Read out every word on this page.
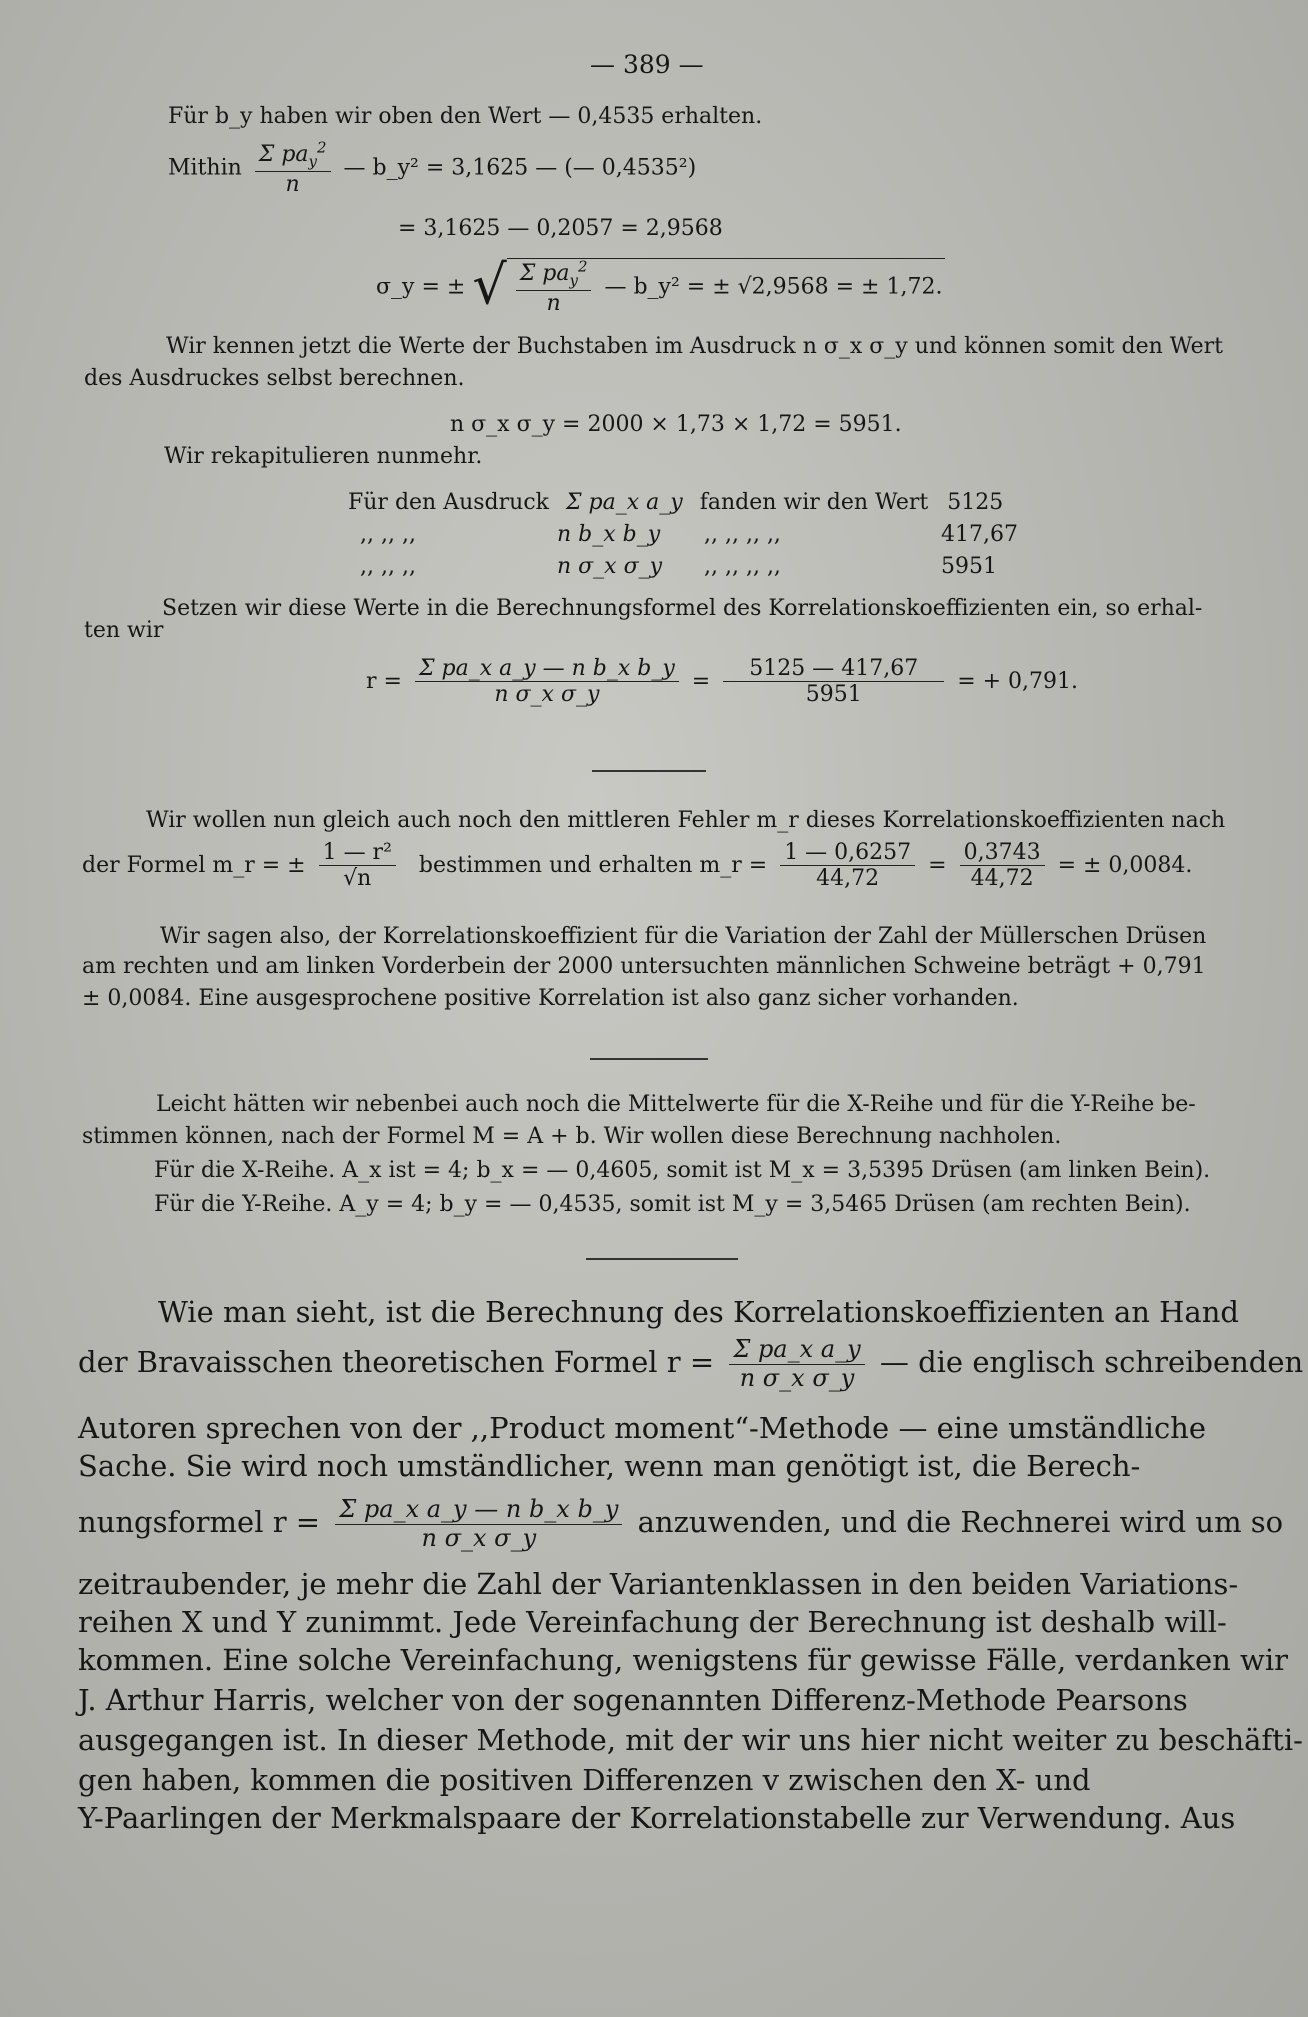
— 389 —
Für b_y haben wir oben den Wert — 0,4535 erhalten.
Mithin $\frac{\Sigma pa_y^2}{n}$ — b_y² = 3,1625 — (— 0,4535²)
= 3,1625 — 0,2057 = 2,9568
σ_y = ± √ $\frac{\Sigma pa_y^2}{n}$ — b_y² = ± √2,9568 = ± 1,72.
Wir kennen jetzt die Werte der Buchstaben im Ausdruck n σ_x σ_y und können somit den Wert
des Ausdruckes selbst berechnen.
n σ_x σ_y = 2000 × 1,73 × 1,72 = 5951.
Wir rekapitulieren nunmehr.
Für den Ausdruck Σ pa_x a_y fanden wir den Wert 5125
,, ,, ,,	n b_x b_y ,, ,, ,, ,,	417,67
,, ,, ,,	n σ_x σ_y ,, ,, ,, ,,	5951
Setzen wir diese Werte in die Berechnungsformel des Korrelationskoeffizienten ein, so erhal-
ten wir
$r = \frac{\text{Σ pa\_x a\_y — n b\_x b\_y}}{\text{n σ\_x σ\_y}} = \frac{5125 — 417,67}{5951}$ = + 0,791.
Wir wollen nun gleich auch noch den mittleren Fehler m_r dieses Korrelationskoeffizienten nach
der Formel m_r = ± $\frac{\text{1 — r²}}{√n}$ bestimmen und erhalten m_r = $\frac{1 — 0,6257}{44,72} = \frac{0,3743}{44,72}$ = ± 0,0084.
Wir sagen also, der Korrelationskoeffizient für die Variation der Zahl der Müllerschen Drüsen
am rechten und am linken Vorderbein der 2000 untersuchten männlichen Schweine beträgt + 0,791
± 0,0084. Eine ausgesprochene positive Korrelation ist also ganz sicher vorhanden.
Leicht hätten wir nebenbei auch noch die Mittelwerte für die X-Reihe und für die Y-Reihe be-
stimmen können, nach der Formel M = A + b. Wir wollen diese Berechnung nachholen.
Für die X-Reihe. A_x ist = 4; b_x = — 0,4605, somit ist M_x = 3,5395 Drüsen (am linken Bein).
Für die Y-Reihe. A_y = 4; b_y = — 0,4535, somit ist M_y = 3,5465 Drüsen (am rechten Bein).
Wie man sieht, ist die Berechnung des Korrelationskoeffizienten an Hand
der Bravaisschen theoretischen Formel $r = \frac{\text{Σ pa\_x a\_y}}{\text{n σ\_x σ\_y}}$ — die englisch schreibenden
Autoren sprechen von der ,,Product moment“-Methode — eine umständliche
Sache. Sie wird noch umständlicher, wenn man genötigt ist, die Berech-
nungsformel $r = \frac{\text{Σ pa\_x a\_y — n b\_x b\_y}}{\text{n σ\_x σ\_y}}$ anzuwenden, und die Rechnerei wird um so
zeitraubender, je mehr die Zahl der Variantenklassen in den beiden Variations-
reihen X und Y zunimmt. Jede Vereinfachung der Berechnung ist deshalb will-
kommen. Eine solche Vereinfachung, wenigstens für gewisse Fälle, verdanken wir
J. Arthur Harris, welcher von der sogenannten Differenz-Methode Pearsons
ausgegangen ist. In dieser Methode, mit der wir uns hier nicht weiter zu beschäfti-
gen haben, kommen die positiven Differenzen v zwischen den X- und
Y-Paarlingen der Merkmalspaare der Korrelationstabelle zur Verwendung. Aus
